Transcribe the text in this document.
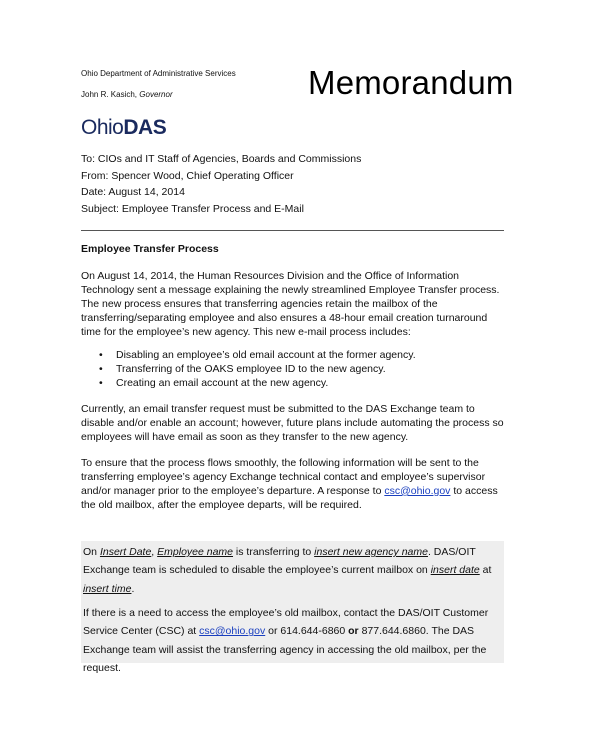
Ohio Department of Administrative Services
John R. Kasich, Governor	Memorandum
OhioDAS
To: CIOs and IT Staff of Agencies, Boards and Commissions
From: Spencer Wood, Chief Operating Officer
Date: August 14, 2014
Subject: Employee Transfer Process and E-Mail
Employee Transfer Process
On August 14, 2014, the Human Resources Division and the Office of Information Technology sent a message explaining the newly streamlined Employee Transfer process. The new process ensures that transferring agencies retain the mailbox of the transferring/separating employee and also ensures a 48-hour email creation turnaround time for the employee’s new agency. This new e-mail process includes:
• Disabling an employee’s old email account at the former agency.
• Transferring of the OAKS employee ID to the new agency.
• Creating an email account at the new agency.
Currently, an email transfer request must be submitted to the DAS Exchange team to disable and/or enable an account; however, future plans include automating the process so employees will have email as soon as they transfer to the new agency.
To ensure that the process flows smoothly, the following information will be sent to the transferring employee’s agency Exchange technical contact and employee’s supervisor and/or manager prior to the employee’s departure. A response to csc@ohio.gov to access the old mailbox, after the employee departs, will be required.
On Insert Date, Employee name is transferring to insert new agency name. DAS/OIT Exchange team is scheduled to disable the employee’s current mailbox on insert date at insert time.
If there is a need to access the employee’s old mailbox, contact the DAS/OIT Customer Service Center (CSC) at csc@ohio.gov or 614.644-6860 or 877.644.6860. The DAS Exchange team will assist the transferring agency in accessing the old mailbox, per the request.
